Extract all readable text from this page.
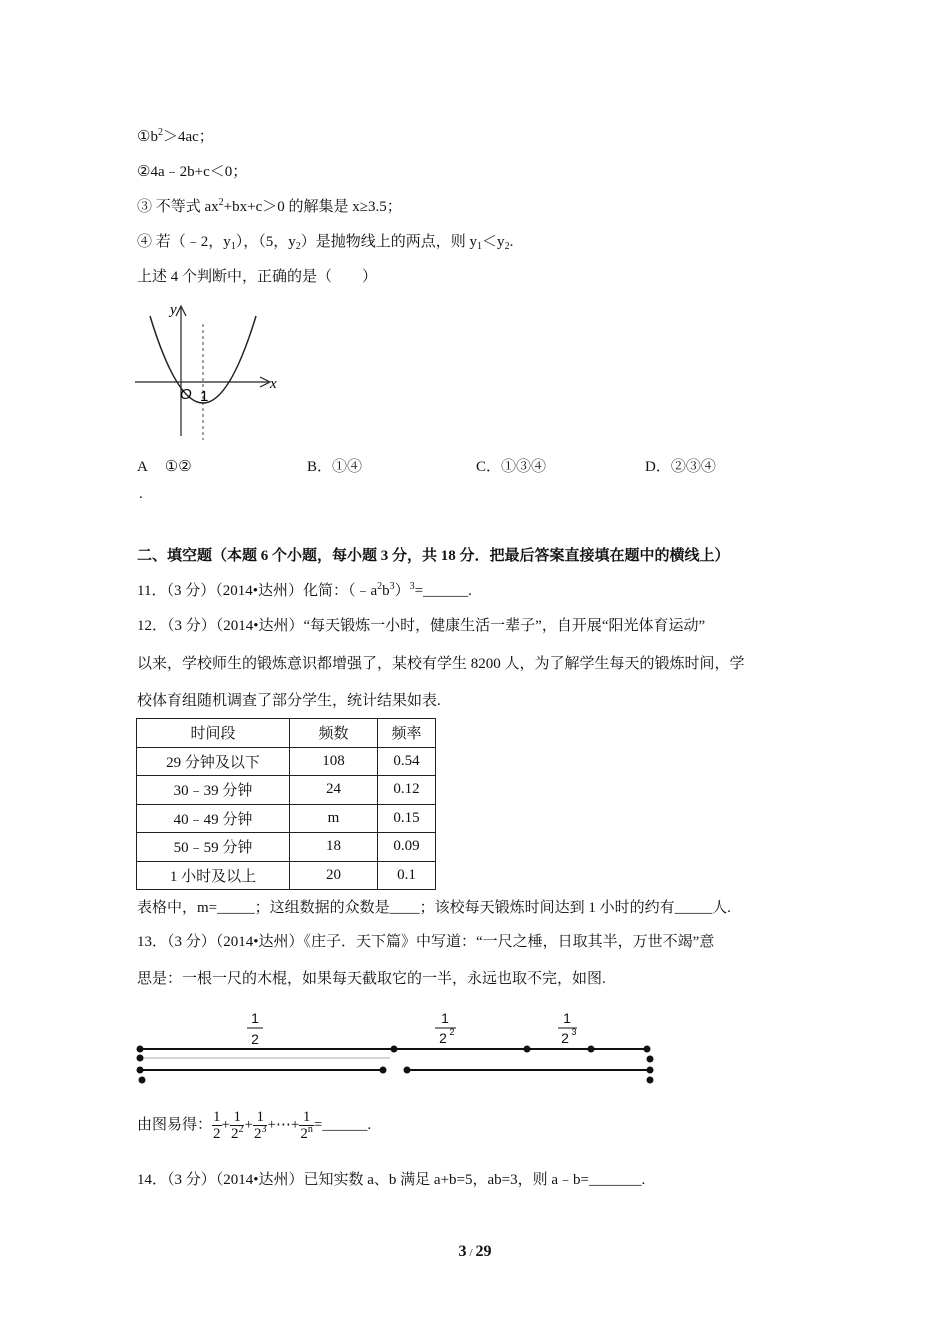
$①b^2>4ac$；
②4a﹣2b+c＜0；
③ 不等式 $ax^2+bx+c>0$ 的解集是 x≥3.5；
④ 若（﹣2，$y_1$），（5，$y_2$）是抛物线上的两点，则 $y_1<y_2$.
上述 4 个判断中，正确的是（　　）
y
x
O 1
A ①②
.
B．①④	C．①③④	D．②③④
二、填空题（本题 6 个小题，每小题 3 分，共 18 分．把最后答案直接填在题中的横线上）
11．（3 分）（2014•达州）化简：$(﹣a^2b^3)^3=\_\_\_\_\_\_$.
12．（3 分）（2014•达州）“每天锻炼一小时，健康生活一辈子”，自开展“阳光体育运动”
以来，学校师生的锻炼意识都增强了，某校有学生 8200 人，为了解学生每天的锻炼时间，学
校体育组随机调查了部分学生，统计结果如表.
时间段	频数	频率
29 分钟及以下	108	0.54
30﹣39 分钟	24	0.12
40﹣49 分钟	m	0.15
50﹣59 分钟	18	0.09
1 小时及以上	20	0.1
表格中，m=_____；这组数据的众数是____；该校每天锻炼时间达到 1 小时的约有_____人.
13．（3 分）（2014•达州）《庄子．天下篇》中写道：“一尺之棰，日取其半，万世不竭”意
思是：一根一尺的木棍，如果每天截取它的一半，永远也取不完，如图.
1
2
1
2 2
1
2 3
由图易得： $\frac{1}{2} + \frac{1}{2^2} + \frac{1}{2^3}$ +⋯+ $\frac{1}{2^n}$ =______.
14．（3 分）（2014•达州）已知实数 a、b 满足 a+b=5，ab=3，则 a﹣b=_______.
3 / 29
